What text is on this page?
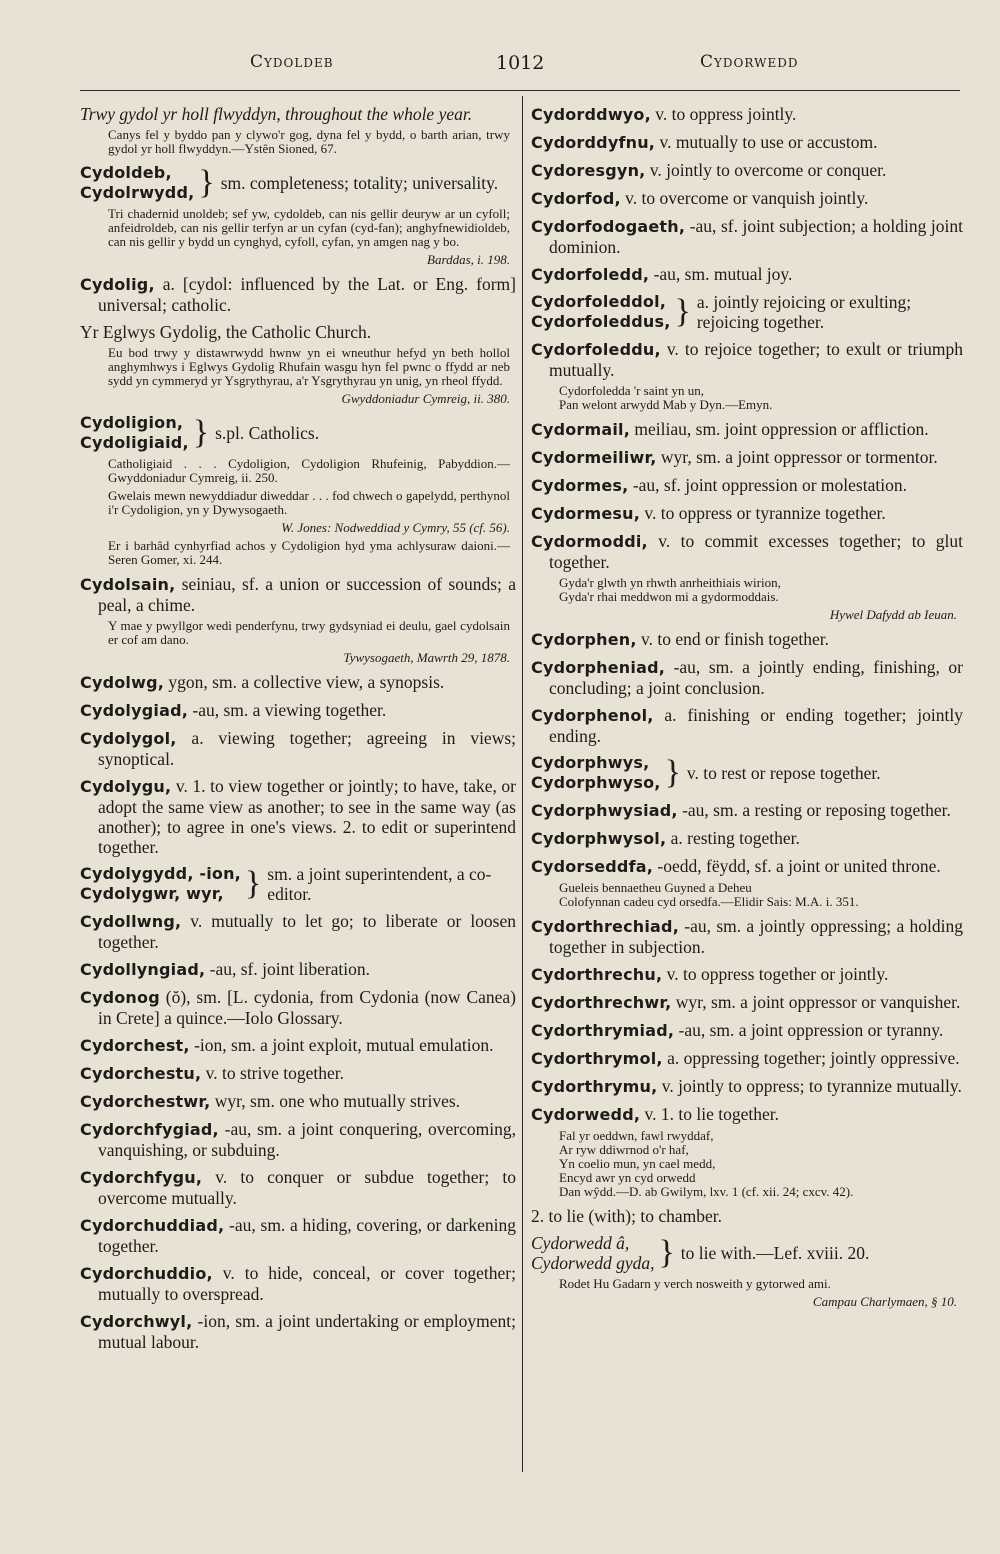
Cydoldeb	1012	Cydorwedd

Trwy gydol yr holl flwyddyn, throughout the whole year.

Canys fel y byddo pan y clywo'r gog, dyna fel y bydd, o barth arian, trwy gydol yr holl flwyddyn.—Ystên Sioned, 67.

Cydoldeb,
Cydolrwydd, } sm. completeness; totality; universality.

Tri chadernid unoldeb; sef yw, cydoldeb, can nis gellir deuryw ar un cyfoll; anfeidroldeb, can nis gellir terfyn ar un cyfan (cyd-fan); anghyfnewidioldeb, can nis gellir y bydd un cynghyd, cyfoll, cyfan, yn amgen nag y bo.

Barddas, i. 198.

Cydolig, a. [cydol: influenced by the Lat. or Eng. form] universal; catholic.

Yr Eglwys Gydolig, the Catholic Church.

Eu bod trwy y distawrwydd hwnw yn ei wneuthur hefyd yn beth hollol anghymhwys i Eglwys Gydolig Rhufain wasgu hyn fel pwnc o ffydd ar neb sydd yn cymmeryd yr Ysgrythyrau, a'r Ysgrythyrau yn unig, yn rheol ffydd.

Gwyddoniadur Cymreig, ii. 380.

Cydoligion,
Cydoligiaid, } s.pl. Catholics.

Catholigiaid . . . Cydoligion, Cydoligion Rhufeinig, Pabyddion.—Gwyddoniadur Cymreig, ii. 250.

Gwelais mewn newyddiadur diweddar . . . fod chwech o gapelydd, perthynol i'r Cydoligion, yn y Dywysogaeth.

W. Jones: Nodweddiad y Cymry, 55 (cf. 56).

Er i barhâd cynhyrfiad achos y Cydoligion hyd yma achlysuraw daioni.—Seren Gomer, xi. 244.

Cydolsain, seiniau, sf. a union or succession of sounds; a peal, a chime.

Y mae y pwyllgor wedi penderfynu, trwy gydsyniad ei deulu, gael cydolsain er cof am dano.

Tywysogaeth, Mawrth 29, 1878.

Cydolwg, ygon, sm. a collective view, a synopsis.

Cydolygiad, -au, sm. a viewing together.

Cydolygol, a. viewing together; agreeing in views; synoptical.

Cydolygu, v. 1. to view together or jointly; to have, take, or adopt the same view as another; to see in the same way (as another); to agree in one's views. 2. to edit or superintend together.

Cydolygydd, -ion,
Cydolygwr, wyr, } sm. a joint superintendent, a co-editor.

Cydollwng, v. mutually to let go; to liberate or loosen together.

Cydollyngiad, -au, sf. joint liberation.

Cydonog (ŏ), sm. [L. cydonia, from Cydonia (now Canea) in Crete] a quince.—Iolo Glossary.

Cydorchest, -ion, sm. a joint exploit, mutual emulation.

Cydorchestu, v. to strive together.

Cydorchestwr, wyr, sm. one who mutually strives.

Cydorchfygiad, -au, sm. a joint conquering, overcoming, vanquishing, or subduing.

Cydorchfygu, v. to conquer or subdue together; to overcome mutually.

Cydorchuddiad, -au, sm. a hiding, covering, or darkening together.

Cydorchuddio, v. to hide, conceal, or cover together; mutually to overspread.

Cydorchwyl, -ion, sm. a joint undertaking or employment; mutual labour.

Cydorddwyo, v. to oppress jointly.

Cydorddyfnu, v. mutually to use or accustom.

Cydoresgyn, v. jointly to overcome or conquer.

Cydorfod, v. to overcome or vanquish jointly.

Cydorfodogaeth, -au, sf. joint subjection; a holding joint dominion.

Cydorfoledd, -au, sm. mutual joy.

Cydorfoleddol,
Cydorfoleddus, } a. jointly rejoicing or exulting; rejoicing together.

Cydorfoleddu, v. to rejoice together; to exult or triumph mutually.

Cydorfoledda 'r saint yn un,
Pan welont arwydd Mab y Dyn.—Emyn.

Cydormail, meiliau, sm. joint oppression or affliction.

Cydormeiliwr, wyr, sm. a joint oppressor or tormentor.

Cydormes, -au, sf. joint oppression or molestation.

Cydormesu, v. to oppress or tyrannize together.

Cydormoddi, v. to commit excesses together; to glut together.

Gyda'r glwth yn rhwth anrheithiais wirion,
Gyda'r rhai meddwon mi a gydormoddais.

Hywel Dafydd ab Ieuan.

Cydorphen, v. to end or finish together.

Cydorpheniad, -au, sm. a jointly ending, finishing, or concluding; a joint conclusion.

Cydorphenol, a. finishing or ending together; jointly ending.

Cydorphwys,
Cydorphwyso, } v. to rest or repose together.

Cydorphwysiad, -au, sm. a resting or reposing together.

Cydorphwysol, a. resting together.

Cydorseddfa, -oedd, fëydd, sf. a joint or united throne.

Gueleis bennaetheu Guyned a Deheu
Colofynnan cadeu cyd orsedfa.—Elidir Sais: M.A. i. 351.

Cydorthrechiad, -au, sm. a jointly oppressing; a holding together in subjection.

Cydorthrechu, v. to oppress together or jointly.

Cydorthrechwr, wyr, sm. a joint oppressor or vanquisher.

Cydorthrymiad, -au, sm. a joint oppression or tyranny.

Cydorthrymol, a. oppressing together; jointly oppressive.

Cydorthrymu, v. jointly to oppress; to tyrannize mutually.

Cydorwedd, v. 1. to lie together.

Fal yr oeddwn, fawl rwyddaf,
Ar ryw ddiwrnod o'r haf,
Yn coelio mun, yn cael medd,
Encyd awr yn cyd orwedd
Dan wŷdd.—D. ab Gwilym, lxv. 1 (cf. xii. 24; cxcv. 42).

2. to lie (with); to chamber.

Cydorwedd â,
Cydorwedd gyda, } to lie with.—Lef. xviii. 20.

Rodet Hu Gadarn y verch nosweith y gytorwed ami.

Campau Charlymaen, § 10.
